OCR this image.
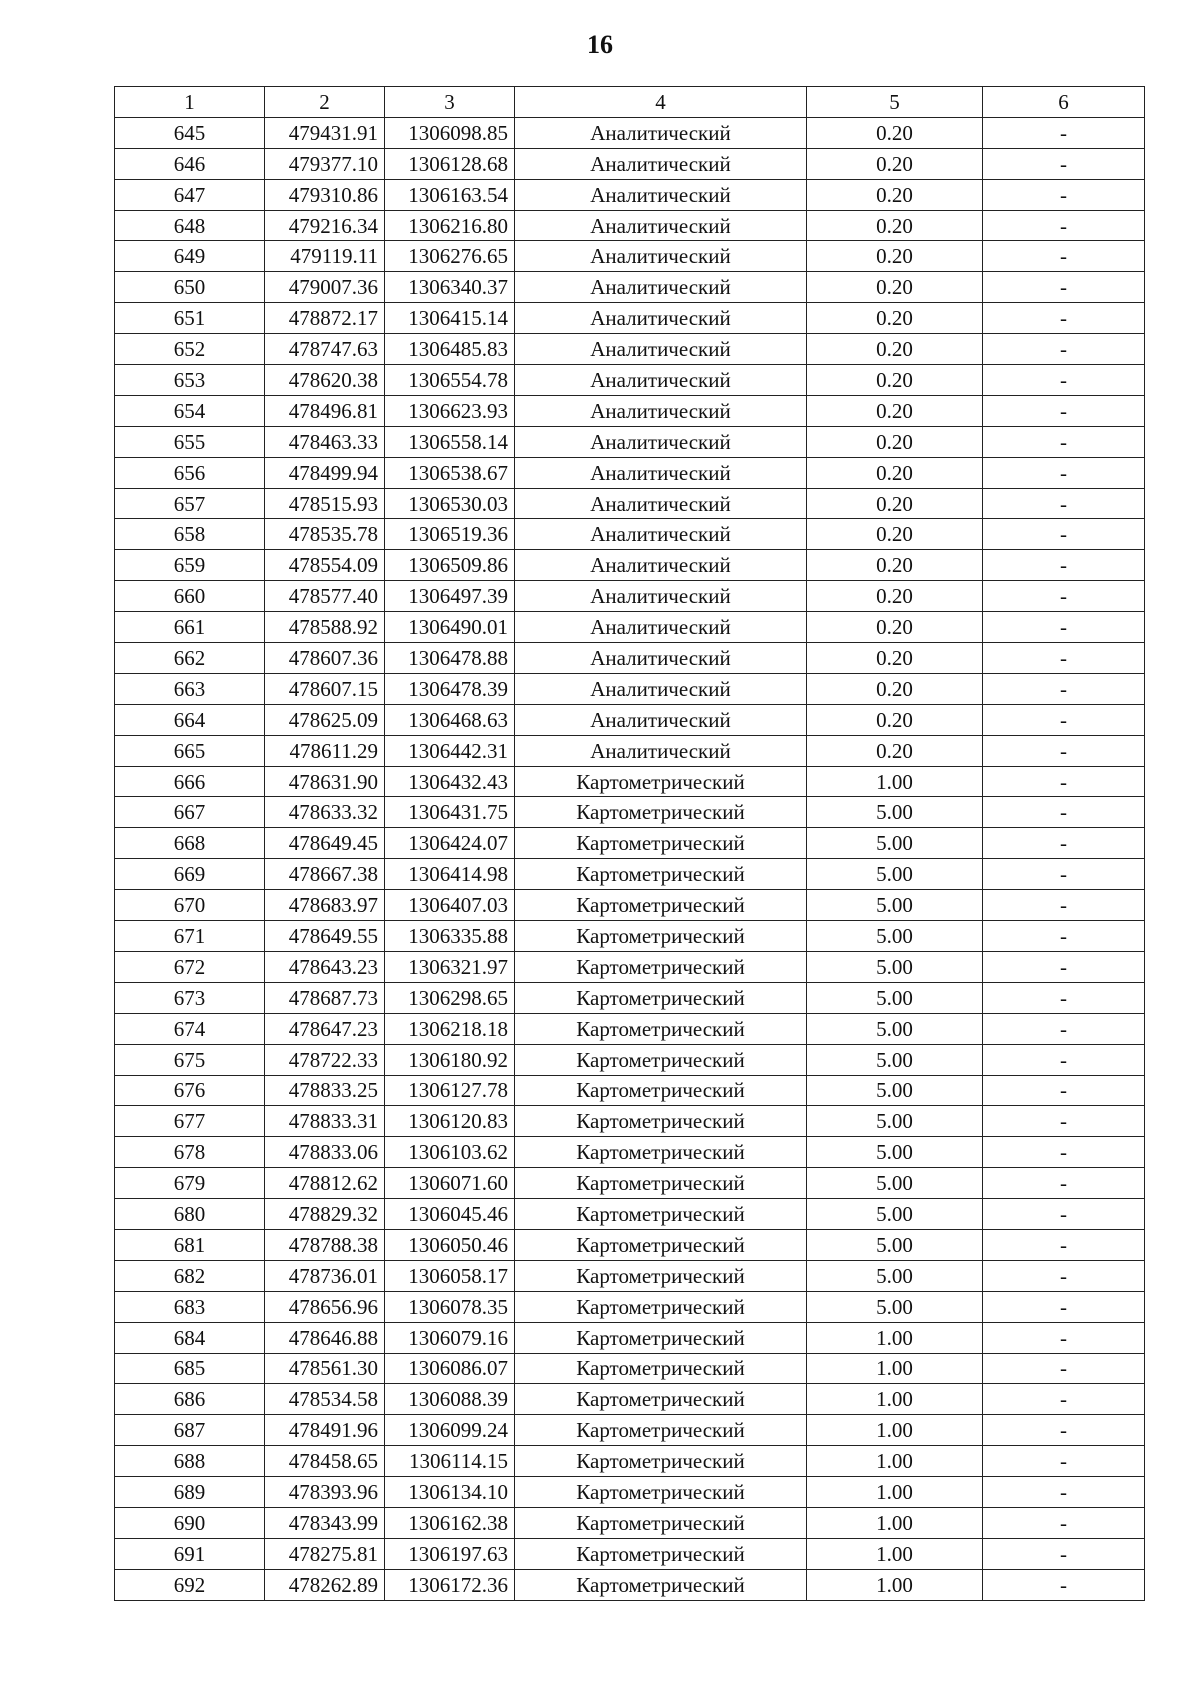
16
1	2	3	4	5	6
645	479431.91	1306098.85	Аналитический	0.20	-
646	479377.10	1306128.68	Аналитический	0.20	-
647	479310.86	1306163.54	Аналитический	0.20	-
648	479216.34	1306216.80	Аналитический	0.20	-
649	479119.11	1306276.65	Аналитический	0.20	-
650	479007.36	1306340.37	Аналитический	0.20	-
651	478872.17	1306415.14	Аналитический	0.20	-
652	478747.63	1306485.83	Аналитический	0.20	-
653	478620.38	1306554.78	Аналитический	0.20	-
654	478496.81	1306623.93	Аналитический	0.20	-
655	478463.33	1306558.14	Аналитический	0.20	-
656	478499.94	1306538.67	Аналитический	0.20	-
657	478515.93	1306530.03	Аналитический	0.20	-
658	478535.78	1306519.36	Аналитический	0.20	-
659	478554.09	1306509.86	Аналитический	0.20	-
660	478577.40	1306497.39	Аналитический	0.20	-
661	478588.92	1306490.01	Аналитический	0.20	-
662	478607.36	1306478.88	Аналитический	0.20	-
663	478607.15	1306478.39	Аналитический	0.20	-
664	478625.09	1306468.63	Аналитический	0.20	-
665	478611.29	1306442.31	Аналитический	0.20	-
666	478631.90	1306432.43	Картометрический	1.00	-
667	478633.32	1306431.75	Картометрический	5.00	-
668	478649.45	1306424.07	Картометрический	5.00	-
669	478667.38	1306414.98	Картометрический	5.00	-
670	478683.97	1306407.03	Картометрический	5.00	-
671	478649.55	1306335.88	Картометрический	5.00	-
672	478643.23	1306321.97	Картометрический	5.00	-
673	478687.73	1306298.65	Картометрический	5.00	-
674	478647.23	1306218.18	Картометрический	5.00	-
675	478722.33	1306180.92	Картометрический	5.00	-
676	478833.25	1306127.78	Картометрический	5.00	-
677	478833.31	1306120.83	Картометрический	5.00	-
678	478833.06	1306103.62	Картометрический	5.00	-
679	478812.62	1306071.60	Картометрический	5.00	-
680	478829.32	1306045.46	Картометрический	5.00	-
681	478788.38	1306050.46	Картометрический	5.00	-
682	478736.01	1306058.17	Картометрический	5.00	-
683	478656.96	1306078.35	Картометрический	5.00	-
684	478646.88	1306079.16	Картометрический	1.00	-
685	478561.30	1306086.07	Картометрический	1.00	-
686	478534.58	1306088.39	Картометрический	1.00	-
687	478491.96	1306099.24	Картометрический	1.00	-
688	478458.65	1306114.15	Картометрический	1.00	-
689	478393.96	1306134.10	Картометрический	1.00	-
690	478343.99	1306162.38	Картометрический	1.00	-
691	478275.81	1306197.63	Картометрический	1.00	-
692	478262.89	1306172.36	Картометрический	1.00	-
